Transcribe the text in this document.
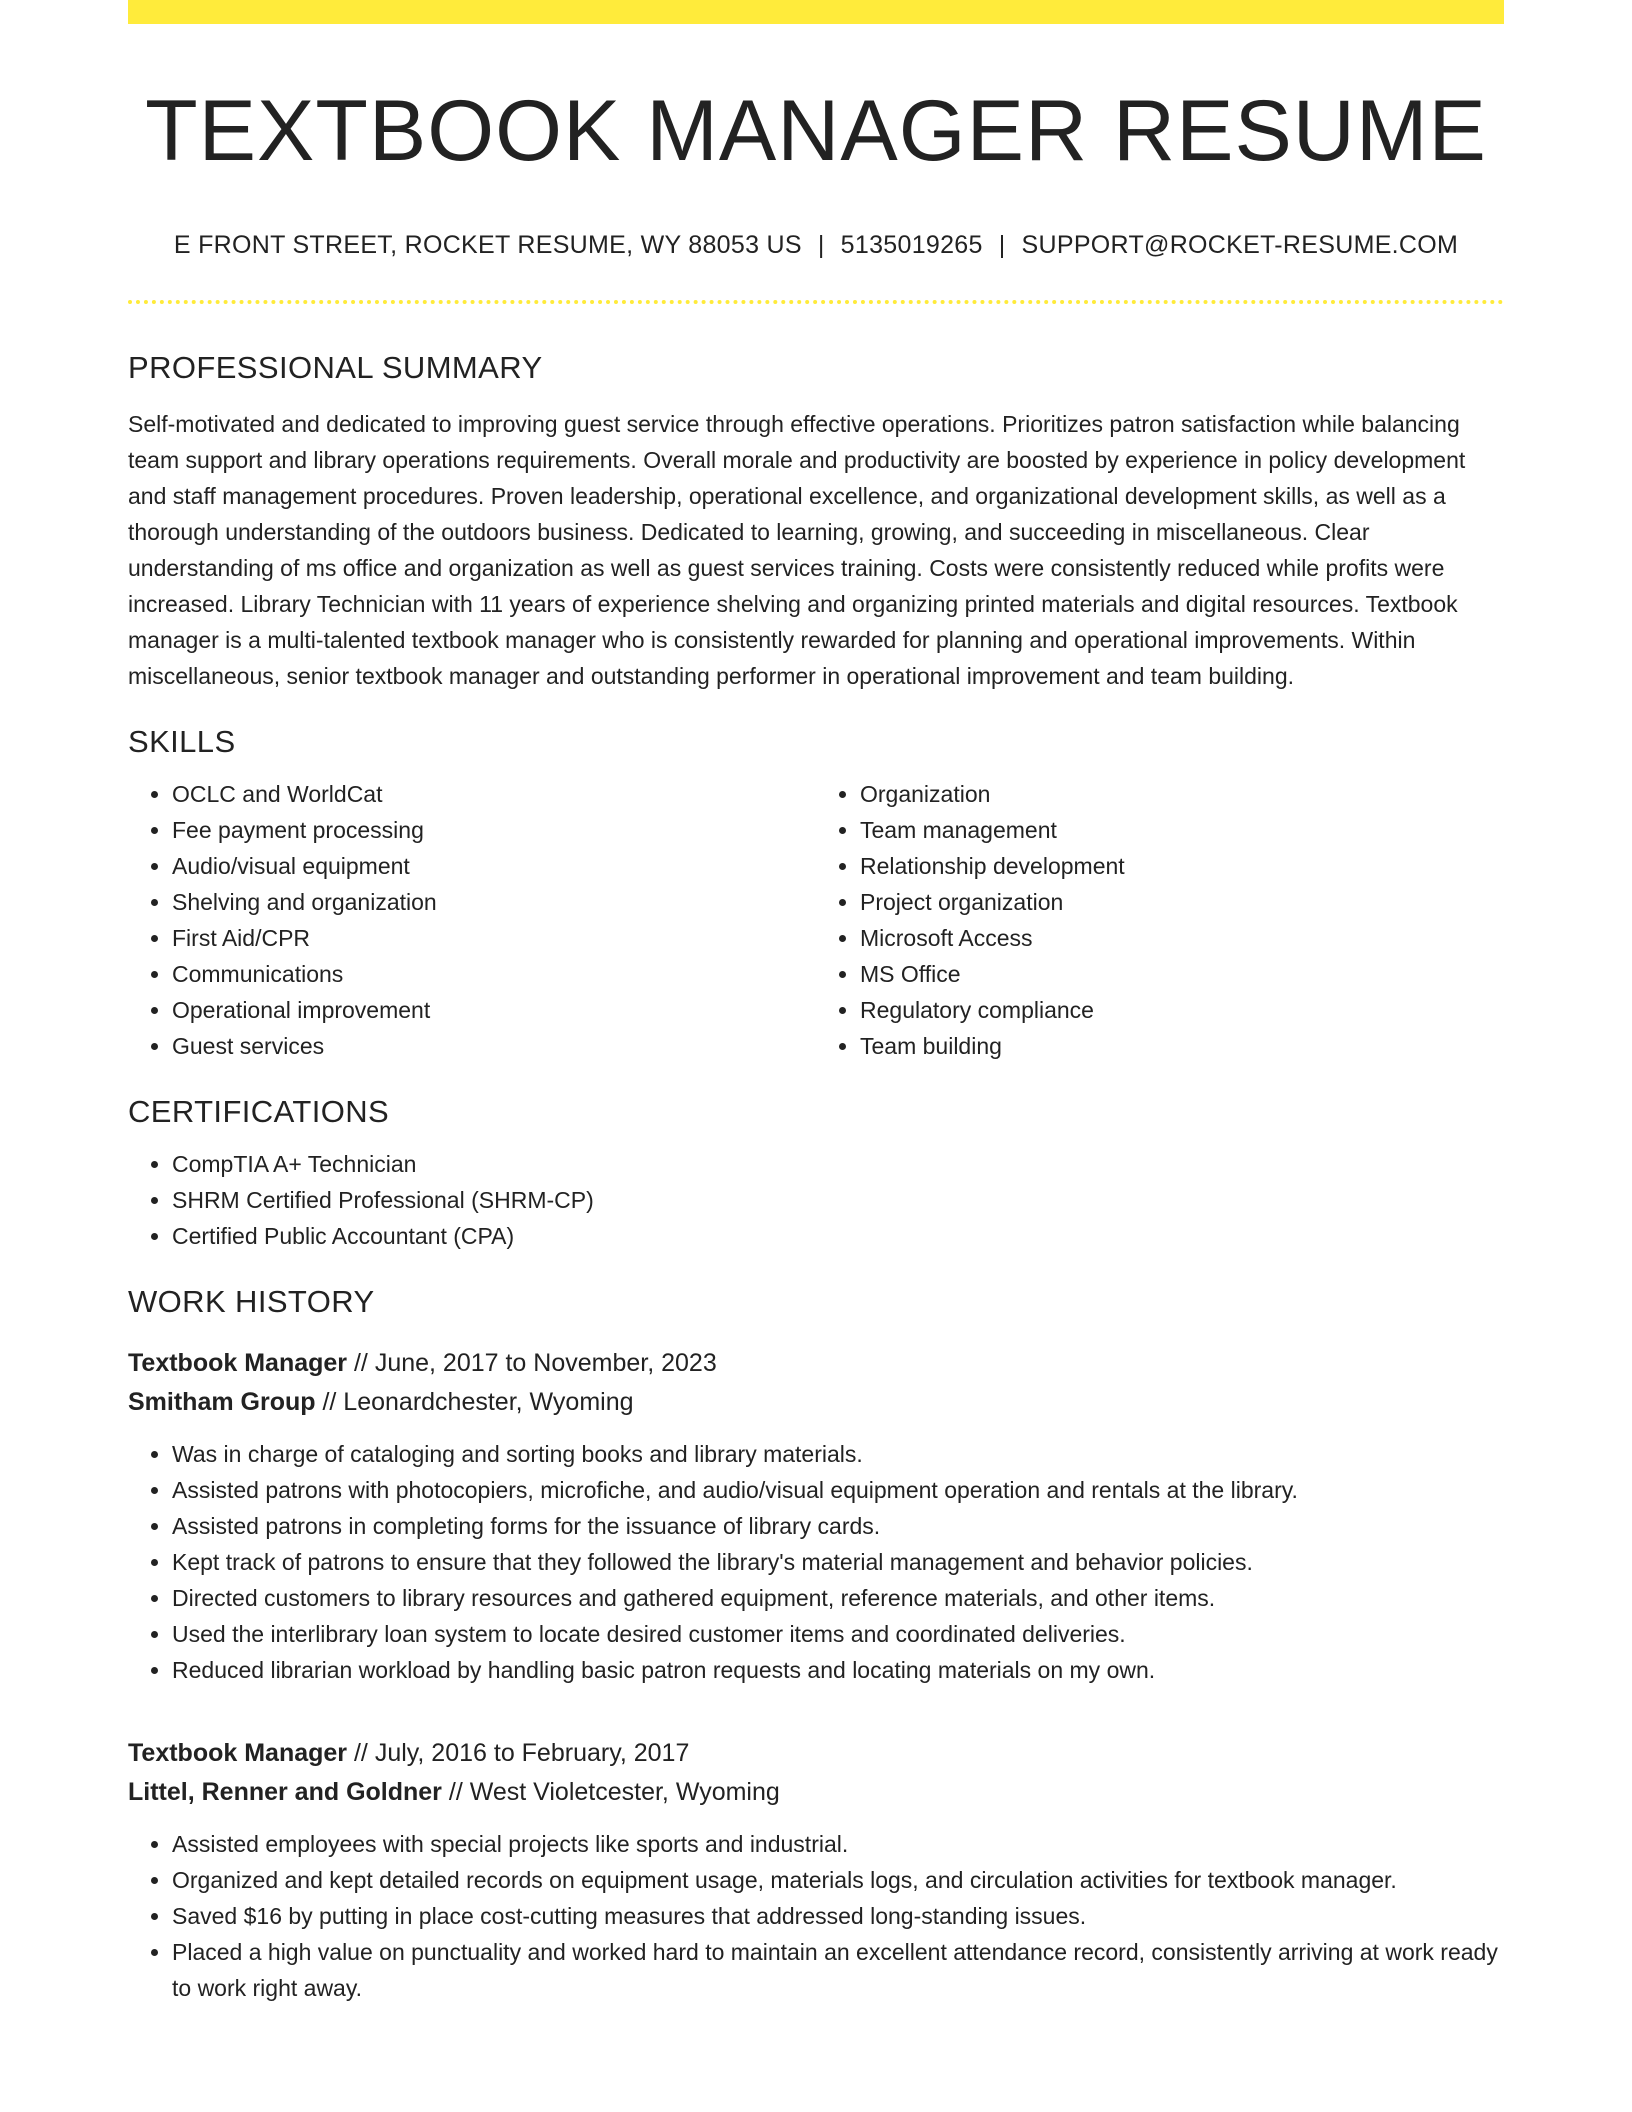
TEXTBOOK MANAGER RESUME
E FRONT STREET, ROCKET RESUME, WY 88053 US | 5135019265 | SUPPORT@ROCKET-RESUME.COM
PROFESSIONAL SUMMARY
Self-motivated and dedicated to improving guest service through effective operations. Prioritizes patron satisfaction while balancing team support and library operations requirements. Overall morale and productivity are boosted by experience in policy development and staff management procedures. Proven leadership, operational excellence, and organizational development skills, as well as a thorough understanding of the outdoors business. Dedicated to learning, growing, and succeeding in miscellaneous. Clear understanding of ms office and organization as well as guest services training. Costs were consistently reduced while profits were increased. Library Technician with 11 years of experience shelving and organizing printed materials and digital resources. Textbook manager is a multi-talented textbook manager who is consistently rewarded for planning and operational improvements. Within miscellaneous, senior textbook manager and outstanding performer in operational improvement and team building.
SKILLS
• OCLC and WorldCat
• Fee payment processing
• Audio/visual equipment
• Shelving and organization
• First Aid/CPR
• Communications
• Operational improvement
• Guest services
• Organization
• Team management
• Relationship development
• Project organization
• Microsoft Access
• MS Office
• Regulatory compliance
• Team building
CERTIFICATIONS
• CompTIA A+ Technician
• SHRM Certified Professional (SHRM-CP)
• Certified Public Accountant (CPA)
WORK HISTORY
Textbook Manager // June, 2017 to November, 2023
Smitham Group // Leonardchester, Wyoming
• Was in charge of cataloging and sorting books and library materials.
• Assisted patrons with photocopiers, microfiche, and audio/visual equipment operation and rentals at the library.
• Assisted patrons in completing forms for the issuance of library cards.
• Kept track of patrons to ensure that they followed the library's material management and behavior policies.
• Directed customers to library resources and gathered equipment, reference materials, and other items.
• Used the interlibrary loan system to locate desired customer items and coordinated deliveries.
• Reduced librarian workload by handling basic patron requests and locating materials on my own.
Textbook Manager // July, 2016 to February, 2017
Littel, Renner and Goldner // West Violetcester, Wyoming
• Assisted employees with special projects like sports and industrial.
• Organized and kept detailed records on equipment usage, materials logs, and circulation activities for textbook manager.
• Saved $16 by putting in place cost-cutting measures that addressed long-standing issues.
• Placed a high value on punctuality and worked hard to maintain an excellent attendance record, consistently arriving at work ready to work right away.
